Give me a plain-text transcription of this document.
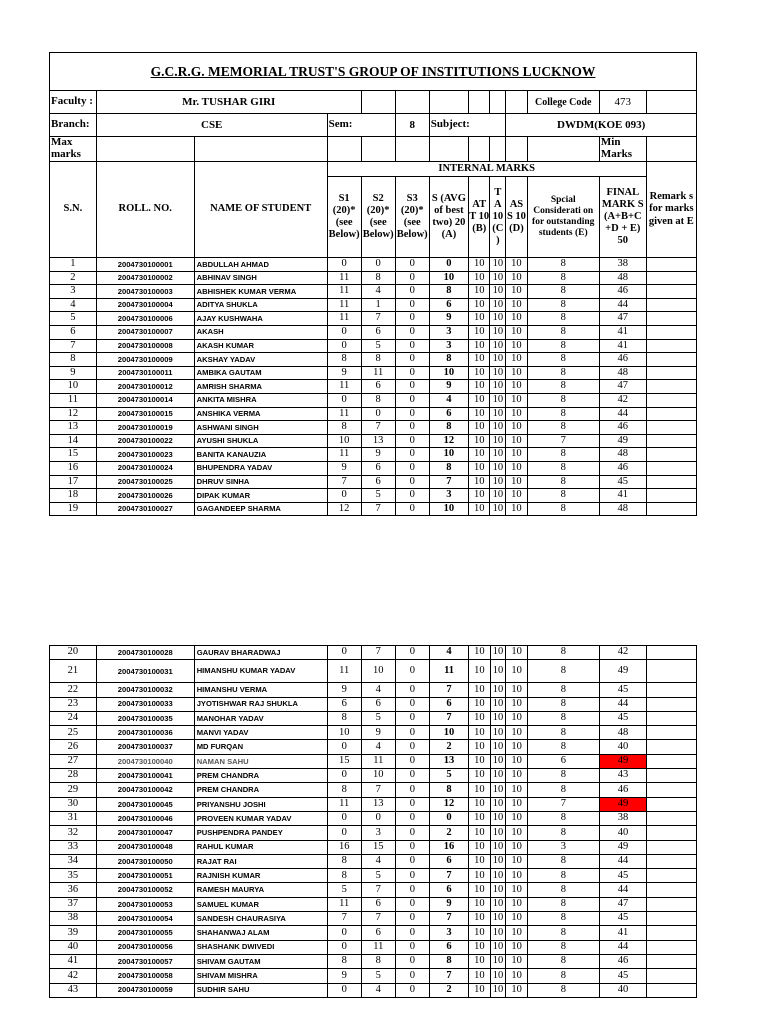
G.C.R.G. MEMORIAL TRUST'S GROUP OF INSTITUTIONS LUCKNOW												
Faculty :	Mr. TUSHAR GIRI									College Code	473	
Branch:	CSE		Sem:		8	Subject:			DWDM(KOE 093)			
Max marks											Min Marks	
S.N.	ROLL. NO.	NAME OF STUDENT	INTERNAL MARKS									Remark s for marks given at E
			S1 (20)* (see Below)	S2 (20)* (see Below)	S3 (20)* (see Below)	S (AVG of best two) 20 (A)	AT T 10 (B)	T A 10 (C )	AS S 10 (D)	Spcial Considerati on for outstanding students (E)	FINAL MARK S (A+B+C +D + E) 50	
1	2004730100001	ABDULLAH AHMAD	0	0	0	0	10	10	10	8	38	
2	2004730100002	ABHINAV SINGH	11	8	0	10	10	10	10	8	48	
3	2004730100003	ABHISHEK KUMAR VERMA	11	4	0	8	10	10	10	8	46	
4	2004730100004	ADITYA SHUKLA	11	1	0	6	10	10	10	8	44	
5	2004730100006	AJAY KUSHWAHA	11	7	0	9	10	10	10	8	47	
6	2004730100007	AKASH	0	6	0	3	10	10	10	8	41	
7	2004730100008	AKASH KUMAR	0	5	0	3	10	10	10	8	41	
8	2004730100009	AKSHAY YADAV	8	8	0	8	10	10	10	8	46	
9	2004730100011	AMBIKA GAUTAM	9	11	0	10	10	10	10	8	48	
10	2004730100012	AMRISH SHARMA	11	6	0	9	10	10	10	8	47	
11	2004730100014	ANKITA MISHRA	0	8	0	4	10	10	10	8	42	
12	2004730100015	ANSHIKA VERMA	11	0	0	6	10	10	10	8	44	
13	2004730100019	ASHWANI SINGH	8	7	0	8	10	10	10	8	46	
14	2004730100022	AYUSHI SHUKLA	10	13	0	12	10	10	10	7	49	
15	2004730100023	BANITA KANAUZIA	11	9	0	10	10	10	10	8	48	
16	2004730100024	BHUPENDRA YADAV	9	6	0	8	10	10	10	8	46	
17	2004730100025	DHRUV SINHA	7	6	0	7	10	10	10	8	45	
18	2004730100026	DIPAK KUMAR	0	5	0	3	10	10	10	8	41	
19	2004730100027	GAGANDEEP SHARMA	12	7	0	10	10	10	10	8	48	
20	2004730100028	GAURAV BHARADWAJ	0	7	0	4	10	10	10	8	42	
21	2004730100031	HIMANSHU KUMAR YADAV	11	10	0	11	10	10	10	8	49	
22	2004730100032	HIMANSHU VERMA	9	4	0	7	10	10	10	8	45	
23	2004730100033	JYOTISHWAR RAJ SHUKLA	6	6	0	6	10	10	10	8	44	
24	2004730100035	MANOHAR YADAV	8	5	0	7	10	10	10	8	45	
25	2004730100036	MANVI YADAV	10	9	0	10	10	10	10	8	48	
26	2004730100037	MD FURQAN	0	4	0	2	10	10	10	8	40	
27	2004730100040	NAMAN SAHU	15	11	0	13	10	10	10	6	49	
28	2004730100041	PREM CHANDRA	0	10	0	5	10	10	10	8	43	
29	2004730100042	PREM CHANDRA	8	7	0	8	10	10	10	8	46	
30	2004730100045	PRIYANSHU JOSHI	11	13	0	12	10	10	10	7	49	
31	2004730100046	PROVEEN KUMAR YADAV	0	0	0	0	10	10	10	8	38	
32	2004730100047	PUSHPENDRA PANDEY	0	3	0	2	10	10	10	8	40	
33	2004730100048	RAHUL KUMAR	16	15	0	16	10	10	10	3	49	
34	2004730100050	RAJAT RAI	8	4	0	6	10	10	10	8	44	
35	2004730100051	RAJNISH KUMAR	8	5	0	7	10	10	10	8	45	
36	2004730100052	RAMESH MAURYA	5	7	0	6	10	10	10	8	44	
37	2004730100053	SAMUEL KUMAR	11	6	0	9	10	10	10	8	47	
38	2004730100054	SANDESH CHAURASIYA	7	7	0	7	10	10	10	8	45	
39	2004730100055	SHAHANWAJ ALAM	0	6	0	3	10	10	10	8	41	
40	2004730100056	SHASHANK DWIVEDI	0	11	0	6	10	10	10	8	44	
41	2004730100057	SHIVAM GAUTAM	8	8	0	8	10	10	10	8	46	
42	2004730100058	SHIVAM MISHRA	9	5	0	7	10	10	10	8	45	
43	2004730100059	SUDHIR SAHU	0	4	0	2	10	10	10	8	40	
